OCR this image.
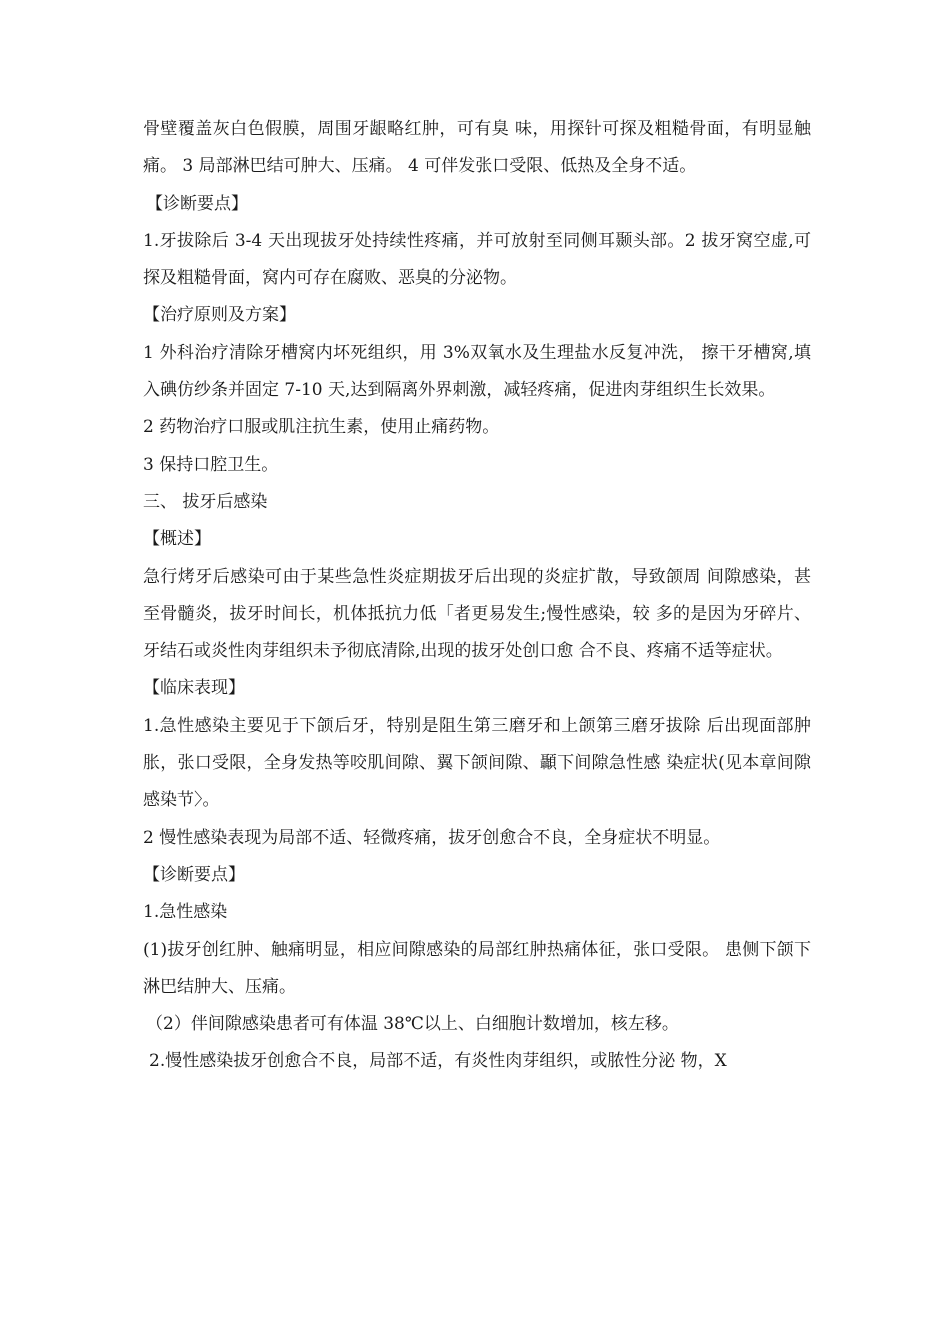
骨壁覆盖灰白色假膜，周围牙龈略红肿，可有臭 味，用探针可探及粗糙骨面，有明显触痛。 3 局部淋巴结可肿大、压痛。 4 可伴发张口受限、低热及全身不适。

【诊断要点】

1.牙拔除后 3-4 天出现拔牙处持续性疼痛，并可放射至同侧耳颞头部。2 拔牙窝空虚,可探及粗糙骨面，窝内可存在腐败、恶臭的分泌物。

【治疗原则及方案】

1 外科治疗清除牙槽窝内坏死组织，用 3%双氧水及生理盐水反复冲洗， 擦干牙槽窝,填入碘仿纱条并固定 7-10 天,达到隔离外界刺激，减轻疼痛，促进肉芽组织生长效果。

2 药物治疗口服或肌注抗生素，使用止痛药物。

3 保持口腔卫生。

三、 拔牙后感染

【概述】

急行烤牙后感染可由于某些急性炎症期拔牙后出现的炎症扩散，导致颌周 间隙感染，甚至骨髓炎，拔牙时间长，机体抵抗力低「者更易发生;慢性感染，较 多的是因为牙碎片、牙结石或炎性肉芽组织未予彻底清除,出现的拔牙处创口愈 合不良、疼痛不适等症状。

【临床表现】

1.急性感染主要见于下颌后牙，特别是阻生第三磨牙和上颌第三磨牙拔除 后出现面部肿胀，张口受限，全身发热等咬肌间隙、翼下颌间隙、顳下间隙急性感 染症状(见本章间隙感染节〉。

2 慢性感染表现为局部不适、轻微疼痛，拔牙创愈合不良，全身症状不明显。

【诊断要点】

1.急性感染

(1)拔牙创红肿、触痛明显，相应间隙感染的局部红肿热痛体征，张口受限。 患侧下颌下淋巴结肿大、压痛。

（2）伴间隙感染患者可有体温 38℃以上、白细胞计数增加，核左移。

2.慢性感染拔牙创愈合不良，局部不适，有炎性肉芽组织，或脓性分泌 物，X
